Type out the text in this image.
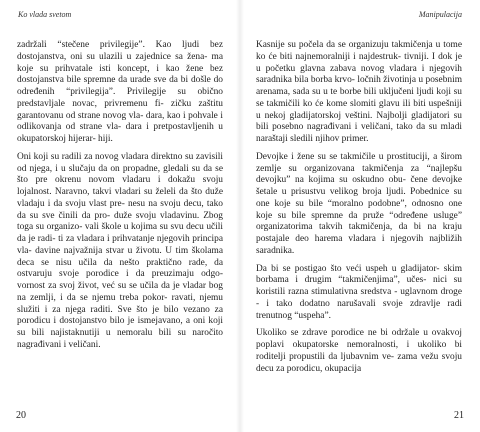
Ko vlada svetom

zadržali “stečene privilegije”. Kao ljudi bez dostojanstva, oni su ulazili u zajednice sa žena- ma koje su prihvatale isti koncept, i kao žene bez dostojanstva bile spremne da urade sve da bi došle do određenih “privilegija”. Privilegije su obično predstavljale novac, privremenu fi- zičku zaštitu garantovanu od strane novog vla- dara, kao i pohvale i odlikovanja od strane vla- dara i pretpostavljenih u okupatorskoj hijerar- hiji.

Oni koji su radili za novog vladara direktno su zavisili od njega, i u slučaju da on propadne, gledali su da se što pre okrenu novom vladaru i dokažu svoju lojalnost. Naravno, takvi vladari su želeli da što duže vladaju i da svoju vlast pre- nesu na svoju decu, tako da su sve činili da pro- duže svoju vladavinu. Zbog toga su organizo- vali škole u kojima su svu decu učili da je radi- ti za vladara i prihvatanje njegovih principa vla- davine najvažnija stvar u životu. U tim školama deca se nisu učila da nešto praktično rade, da ostvaruju svoje porodice i da preuzimaju odgo- vornost za svoj život, već su se učila da je vladar bog na zemlji, i da se njemu treba pokor- ravati, njemu služiti i za njega raditi. Sve što je bilo vezano za porodicu i dostojanstvo bilo je ismejavano, a oni koji su bili najistaknutiji u nemoralu bili su naročito nagrađivani i veličani.

20
Manipulacija

Kasnije su počela da se organizuju takmičenja u tome ko će biti najnemoralniji i najdestruk- tivniji. I dok je u početku glavna zabava novog vladara i njegovih saradnika bila borba krvo- ločnih životinja u posebnim arenama, sada su u te borbe bili uključeni ljudi koji su se takmičili ko će kome slomiti glavu ili biti uspešniji u nekoj gladijatorskoj veštini. Najbolji gladijatori su bili posebno nagrađivani i veličani, tako da su mladi naraštaji sledili njihov primer.

Devojke i žene su se takmičile u prostituciji, a širom zemlje su organizovana takmičenja za “najlepšu devojku” na kojima su oskudno obu- čene devojke šetale u prisustvu velikog broja ljudi. Pobednice su one koje su bile “moralno podobne”, odnosno one koje su bile spremne da pruže “određene usluge” organizatorima takvih takmičenja, da bi na kraju postajale deo harema vladara i njegovih najbližih saradnika.

Da bi se postigao što veći uspeh u gladijator- skim borbama i drugim “takmičenjima”, učes- nici su koristili razna stimulativna sredstva - uglavnom droge - i tako dodatno narušavali svoje zdravlje radi trenutnog “uspeha”.

Ukoliko se zdrave porodice ne bi održale u ovakvoj poplavi okupatorske nemoralnosti, i ukoliko bi roditelji propustili da ljubavnim ve- zama vežu svoju decu za porodicu, okupacija

21
